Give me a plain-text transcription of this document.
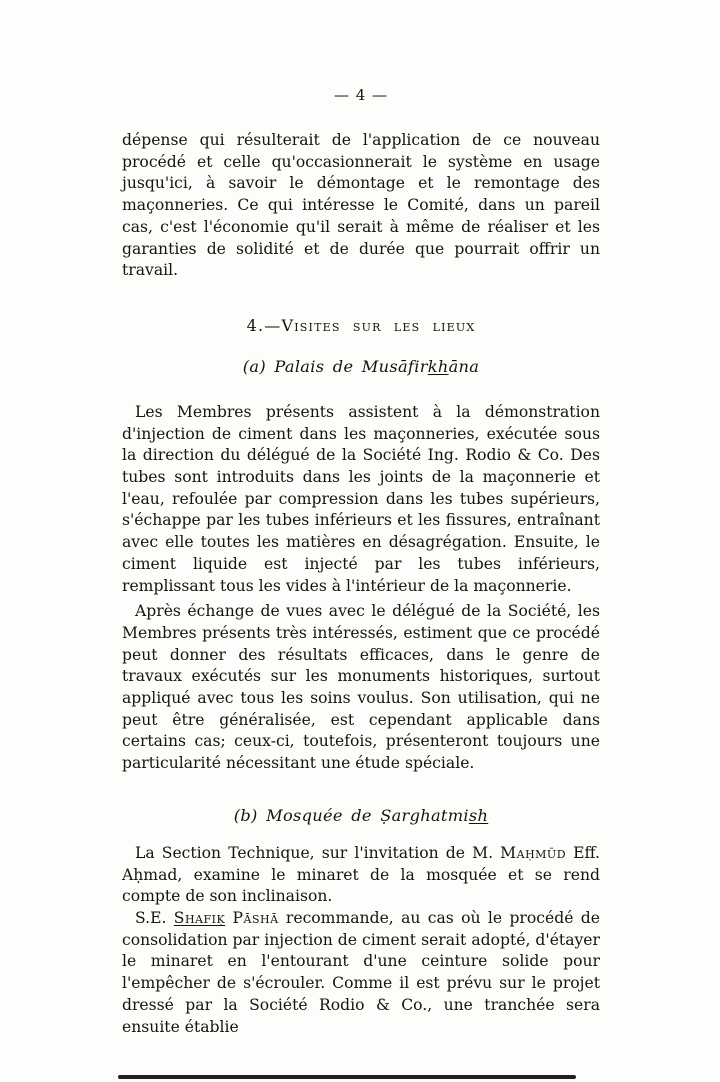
— 4 —

dépense qui résulterait de l'application de ce nouveau procédé et celle qu'occasionnerait le système en usage jusqu'ici, à savoir le démontage et le remontage des maçonneries. Ce qui intéresse le Comité, dans un pareil cas, c'est l'économie qu'il serait à même de réaliser et les garanties de solidité et de durée que pourrait offrir un travail.

4.—Visites sur les lieux
(a) Palais de Musāfirkhāna

Les Membres présents assistent à la démonstration d'injection de ciment dans les maçonneries, exécutée sous la direction du délégué de la Société Ing. Rodio & Co. Des tubes sont introduits dans les joints de la maçonnerie et l'eau, refoulée par compression dans les tubes supérieurs, s'échappe par les tubes inférieurs et les fissures, entraînant avec elle toutes les matières en désagrégation. Ensuite, le ciment liquide est injecté par les tubes inférieurs, remplissant tous les vides à l'intérieur de la maçonnerie.

Après échange de vues avec le délégué de la Société, les Membres présents très intéressés, estiment que ce procédé peut donner des résultats efficaces, dans le genre de travaux exécutés sur les monuments historiques, surtout appliqué avec tous les soins voulus. Son utilisation, qui ne peut être généralisée, est cependant applicable dans certains cas; ceux-ci, toutefois, présenteront toujours une particularité nécessitant une étude spéciale.

(b) Mosquée de Ṣarghatmish

La Section Technique, sur l'invitation de M. Maḥmūd Eff. Aḥmad, examine le minaret de la mosquée et se rend compte de son inclinaison.

S.E. Shafiḳ Pāshā recommande, au cas où le procédé de consolidation par injection de ciment serait adopté, d'étayer le minaret en l'entourant d'une ceinture solide pour l'empêcher de s'écrouler. Comme il est prévu sur le projet dressé par la Société Rodio & Co., une tranchée sera ensuite établie
